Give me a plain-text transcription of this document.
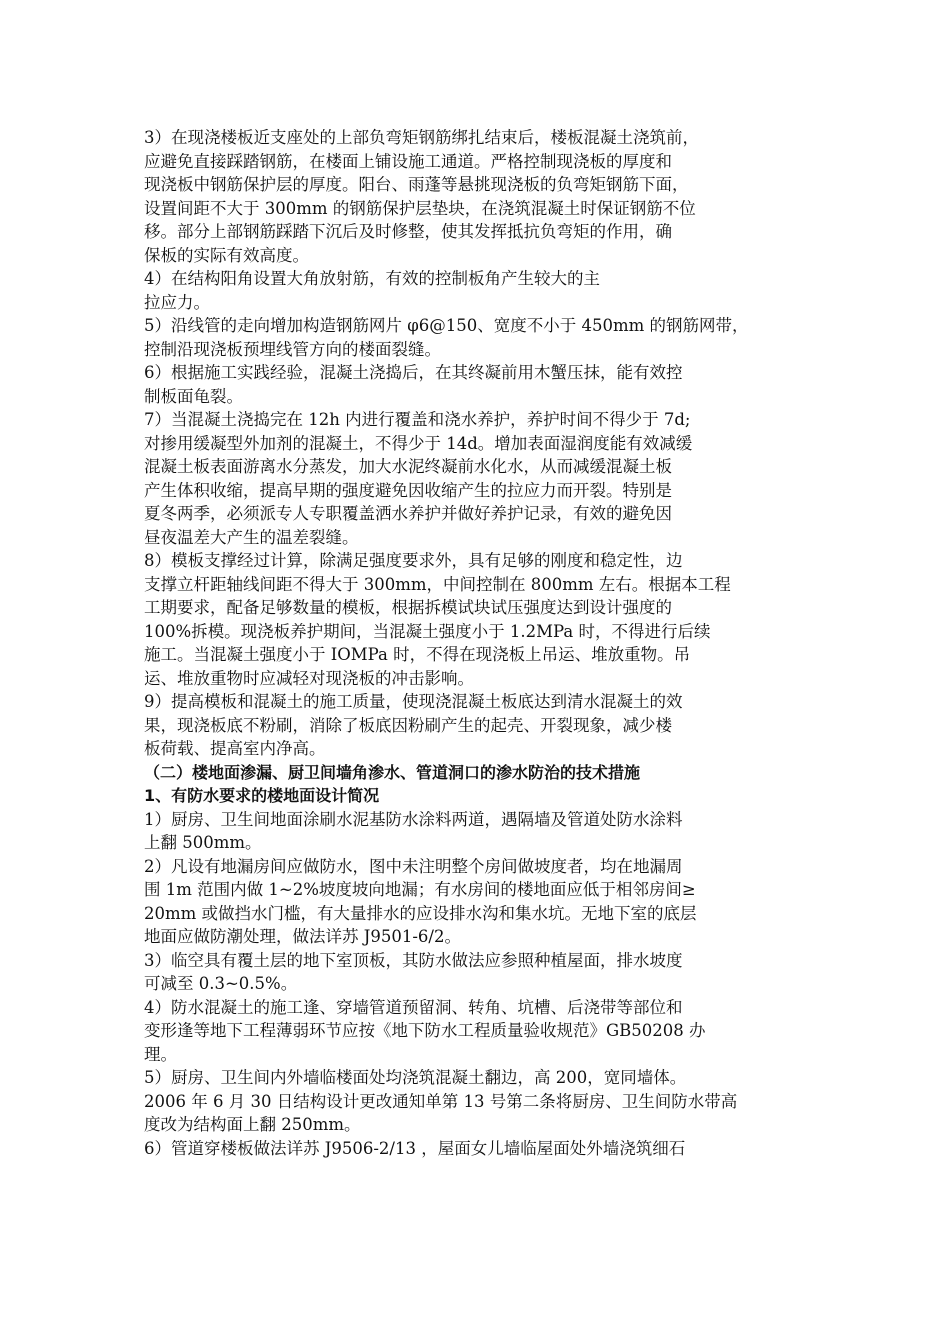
3）在现浇楼板近支座处的上部负弯矩钢筋绑扎结束后，楼板混凝土浇筑前，
应避免直接踩踏钢筋，在楼面上铺设施工通道。严格控制现浇板的厚度和
现浇板中钢筋保护层的厚度。阳台、雨蓬等悬挑现浇板的负弯矩钢筋下面，
设置间距不大于 300mm 的钢筋保护层垫块，在浇筑混凝土时保证钢筋不位
移。部分上部钢筋踩踏下沉后及时修整，使其发挥抵抗负弯矩的作用，确
保板的实际有效高度。
4）在结构阳角设置大角放射筋，有效的控制板角产生较大的主
拉应力。
5）沿线管的走向增加构造钢筋网片 φ6@150、宽度不小于 450mm 的钢筋网带，
控制沿现浇板预埋线管方向的楼面裂缝。
6）根据施工实践经验，混凝土浇捣后，在其终凝前用木蟹压抹，能有效控
制板面龟裂。
7）当混凝土浇捣完在 12h 内进行覆盖和浇水养护，养护时间不得少于 7d;
对掺用缓凝型外加剂的混凝土，不得少于 14d。增加表面湿润度能有效减缓
混凝土板表面游离水分蒸发，加大水泥终凝前水化水，从而减缓混凝土板
产生体积收缩，提高早期的强度避免因收缩产生的拉应力而开裂。特别是
夏冬两季，必须派专人专职覆盖洒水养护并做好养护记录，有效的避免因
昼夜温差大产生的温差裂缝。
8）模板支撑经过计算，除满足强度要求外，具有足够的刚度和稳定性，边
支撑立杆距轴线间距不得大于 300mm，中间控制在 800mm 左右。根据本工程
工期要求，配备足够数量的模板，根据拆模试块试压强度达到设计强度的
100%拆模。现浇板养护期间，当混凝土强度小于 1.2MPa 时，不得进行后续
施工。当混凝土强度小于 IOMPa 时，不得在现浇板上吊运、堆放重物。吊
运、堆放重物时应减轻对现浇板的冲击影响。
9）提高模板和混凝土的施工质量，使现浇混凝土板底达到清水混凝土的效
果，现浇板底不粉刷，消除了板底因粉刷产生的起壳、开裂现象，减少楼
板荷载、提高室内净高。
（二）楼地面渗漏、厨卫间墙角渗水、管道洞口的渗水防治的技术措施
1、有防水要求的楼地面设计简况
1）厨房、卫生间地面涂刷水泥基防水涂料两道，遇隔墙及管道处防水涂料
上翻 500mm。
2）凡设有地漏房间应做防水，图中未注明整个房间做坡度者，均在地漏周
围 1m 范围内做 1~2%坡度坡向地漏；有水房间的楼地面应低于相邻房间≥
20mm 或做挡水门槛，有大量排水的应设排水沟和集水坑。无地下室的底层
地面应做防潮处理，做法详苏 J9501-6/2。
3）临空具有覆土层的地下室顶板，其防水做法应参照种植屋面，排水坡度
可减至 0.3~0.5%。
4）防水混凝土的施工逢、穿墙管道预留洞、转角、坑槽、后浇带等部位和
变形逢等地下工程薄弱环节应按《地下防水工程质量验收规范》GB50208 办
理。
5）厨房、卫生间内外墙临楼面处均浇筑混凝土翻边，高 200，宽同墙体。
2006 年 6 月 30 日结构设计更改通知单第 13 号第二条将厨房、卫生间防水带高
度改为结构面上翻 250mm。
6）管道穿楼板做法详苏 J9506-2/13 ，屋面女儿墙临屋面处外墙浇筑细石
